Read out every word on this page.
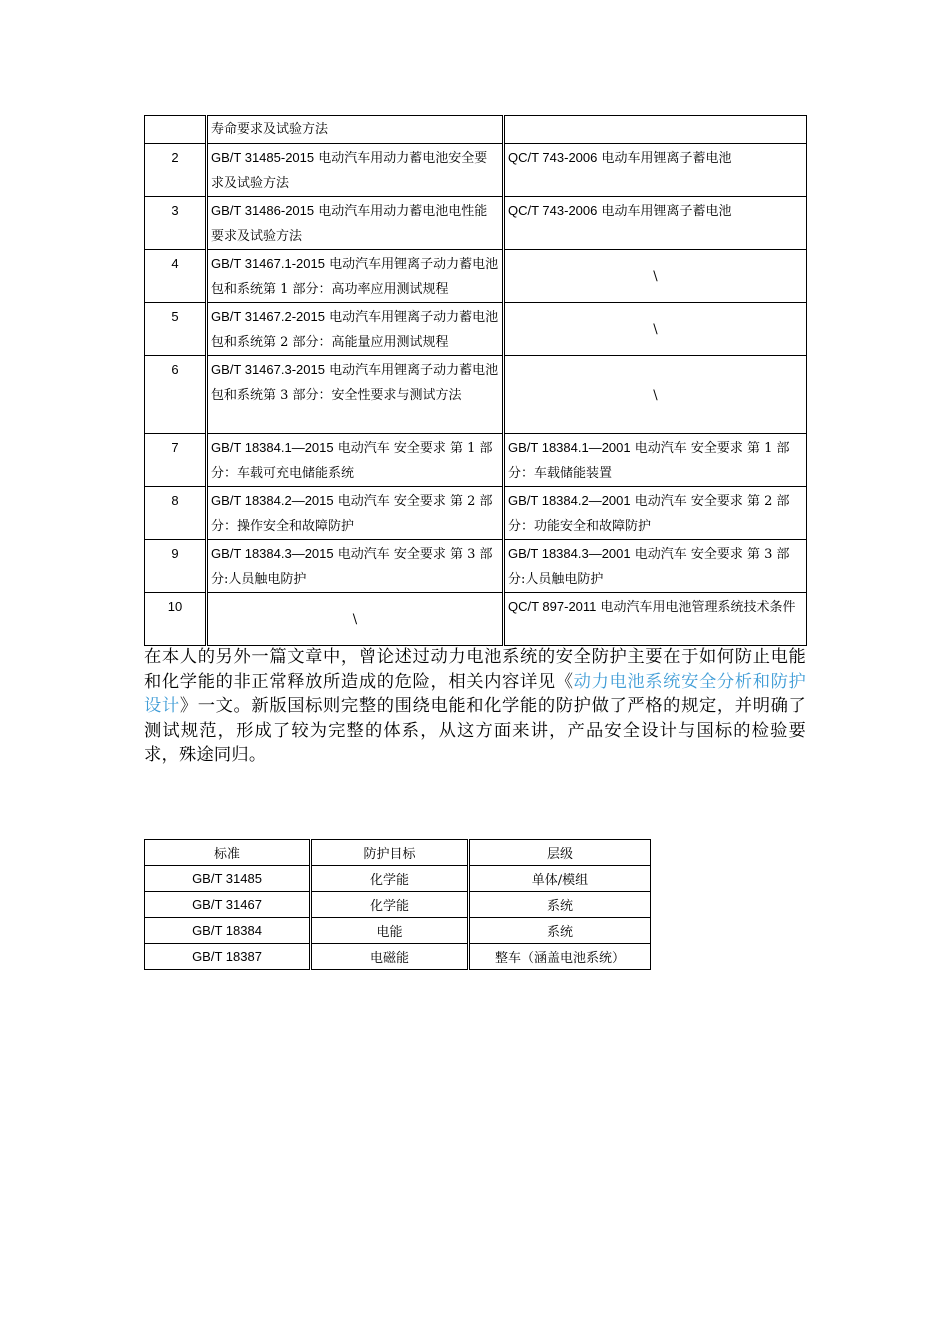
	寿命要求及试验方法	
2	GB/T 31485-2015 电动汽车用动力蓄电池安全要求及试验方法	QC/T 743-2006 电动车用锂离子蓄电池
3	GB/T 31486-2015 电动汽车用动力蓄电池电性能要求及试验方法	QC/T 743-2006 电动车用锂离子蓄电池
4	GB/T 31467.1-2015 电动汽车用锂离子动力蓄电池包和系统第 1 部分：高功率应用测试规程	\
5	GB/T 31467.2-2015 电动汽车用锂离子动力蓄电池包和系统第 2 部分：高能量应用测试规程	\
6	GB/T 31467.3-2015 电动汽车用锂离子动力蓄电池包和系统第 3 部分：安全性要求与测试方法	\
7	GB/T 18384.1—2015 电动汽车 安全要求 第 1 部分：车载可充电储能系统	GB/T 18384.1—2001 电动汽车 安全要求 第 1 部分：车载储能装置
8	GB/T 18384.2—2015 电动汽车 安全要求 第 2 部分：操作安全和故障防护	GB/T 18384.2—2001 电动汽车 安全要求 第 2 部分：功能安全和故障防护
9	GB/T 18384.3—2015 电动汽车 安全要求 第 3 部分:人员触电防护	GB/T 18384.3—2001 电动汽车 安全要求 第 3 部分:人员触电防护
10	\	QC/T 897-2011 电动汽车用电池管理系统技术条件

在本人的另外一篇文章中，曾论述过动力电池系统的安全防护主要在于如何防止电能和化学能的非正常释放所造成的危险，相关内容详见《动力电池系统安全分析和防护设计》一文。新版国标则完整的围绕电能和化学能的防护做了严格的规定，并明确了测试规范，形成了较为完整的体系，从这方面来讲，产品安全设计与国标的检验要求，殊途同归。

标准	防护目标	层级
GB/T 31485	化学能	单体/模组
GB/T 31467	化学能	系统
GB/T 18384	电能	系统
GB/T 18387	电磁能	整车（涵盖电池系统）
